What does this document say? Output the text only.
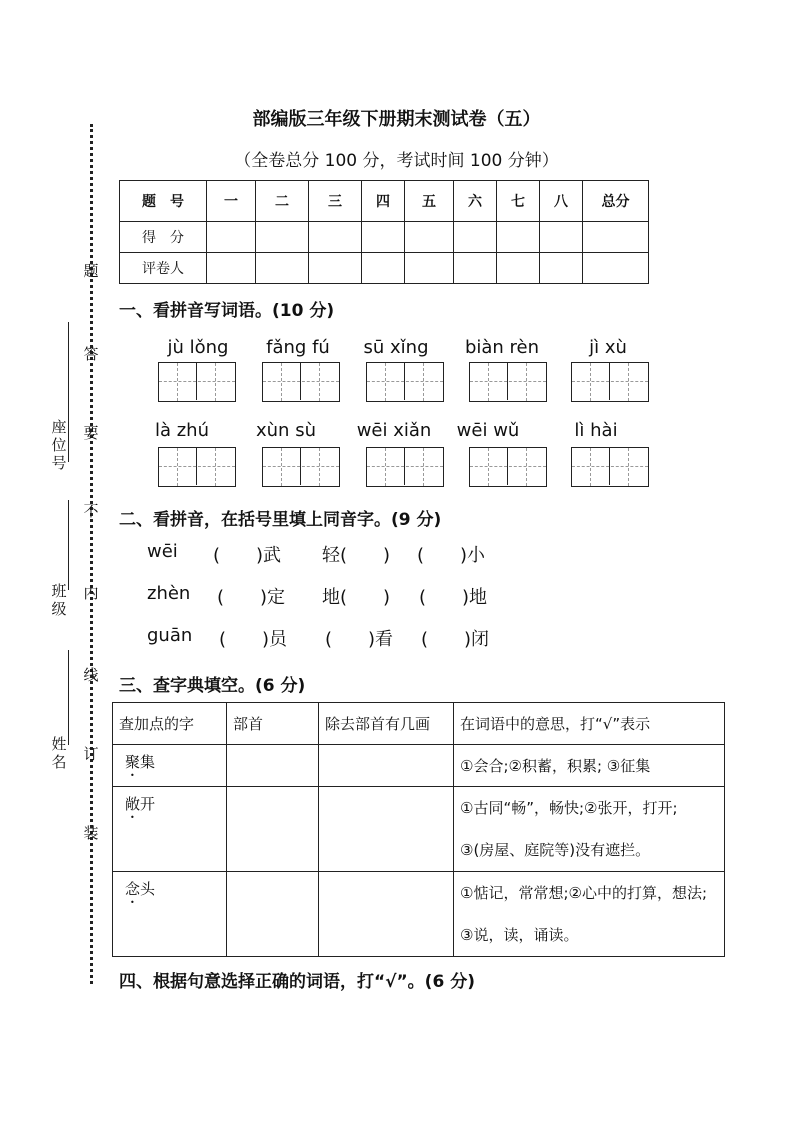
座位号
班级
姓名
题
答
要
不
内
线
订
装
部编版三年级下册期末测试卷（五）
（全卷总分 100 分，考试时间 100 分钟）
题　号	一	二	三	四	五	六	七	八	总分
得　分									
评卷人									
一、看拼音写词语。(10 分)
jù lǒng	fǎng fú	sū xǐng	biàn rèn	jì xù
là zhú	xùn sù	wēi xiǎn	wēi wǔ	lì hài
二、看拼音，在括号里填上同音字。(9 分)
wēi (　　)武 轻(　　) (　　)小
zhèn (　　)定 地(　　) (　　)地
guān (　　)员 (　　)看 (　　)闭
三、查字典填空。(6 分)
查加点的字	部首	除去部首有几画	在词语中的意思，打“√”表示
聚集			①会合;②积蓄，积累; ③征集
敞开			①古同“畅”，畅快;②张开，打开;
③(房屋、庭院等)没有遮拦。

念头			①惦记，常常想;②心中的打算，想法;
③说，读，诵读。
四、根据句意选择正确的词语，打“√”。(6 分)
